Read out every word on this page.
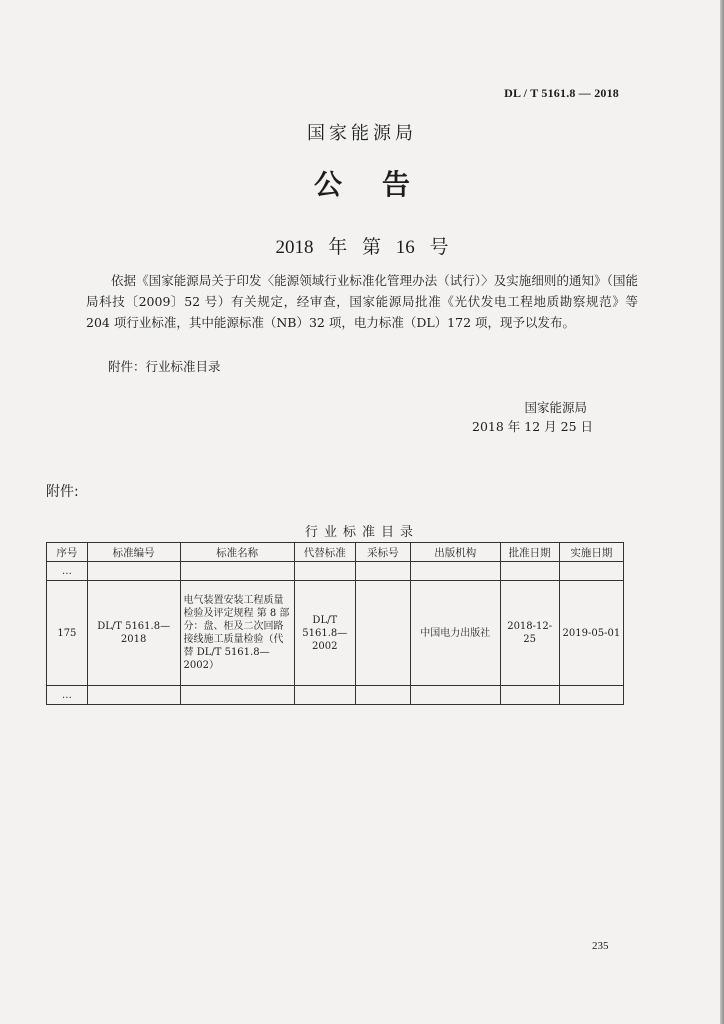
DL / T 5161.8 — 2018
国家能源局
公告
2018 年 第 16 号
依据《国家能源局关于印发〈能源领域行业标准化管理办法（试行）〉及实施细则的通知》（国能局科技〔2009〕52 号）有关规定，经审查，国家能源局批准《光伏发电工程地质勘察规范》等 204 项行业标准，其中能源标准（NB）32 项，电力标准（DL）172 项，现予以发布。
附件：行业标准目录
国家能源局
2018 年 12 月 25 日
附件:
行业标准目录
序号	标准编号	标准名称	代替标准	采标号	出版机构	批准日期	实施日期
…							
175	DL/T 5161.8—2018	电气装置安装工程质量检验及评定规程 第 8 部分：盘、柜及二次回路接线施工质量检验（代替 DL/T 5161.8—2002）	DL/T 5161.8—2002		中国电力出版社	2018-12-25	2019-05-01
…							
235
